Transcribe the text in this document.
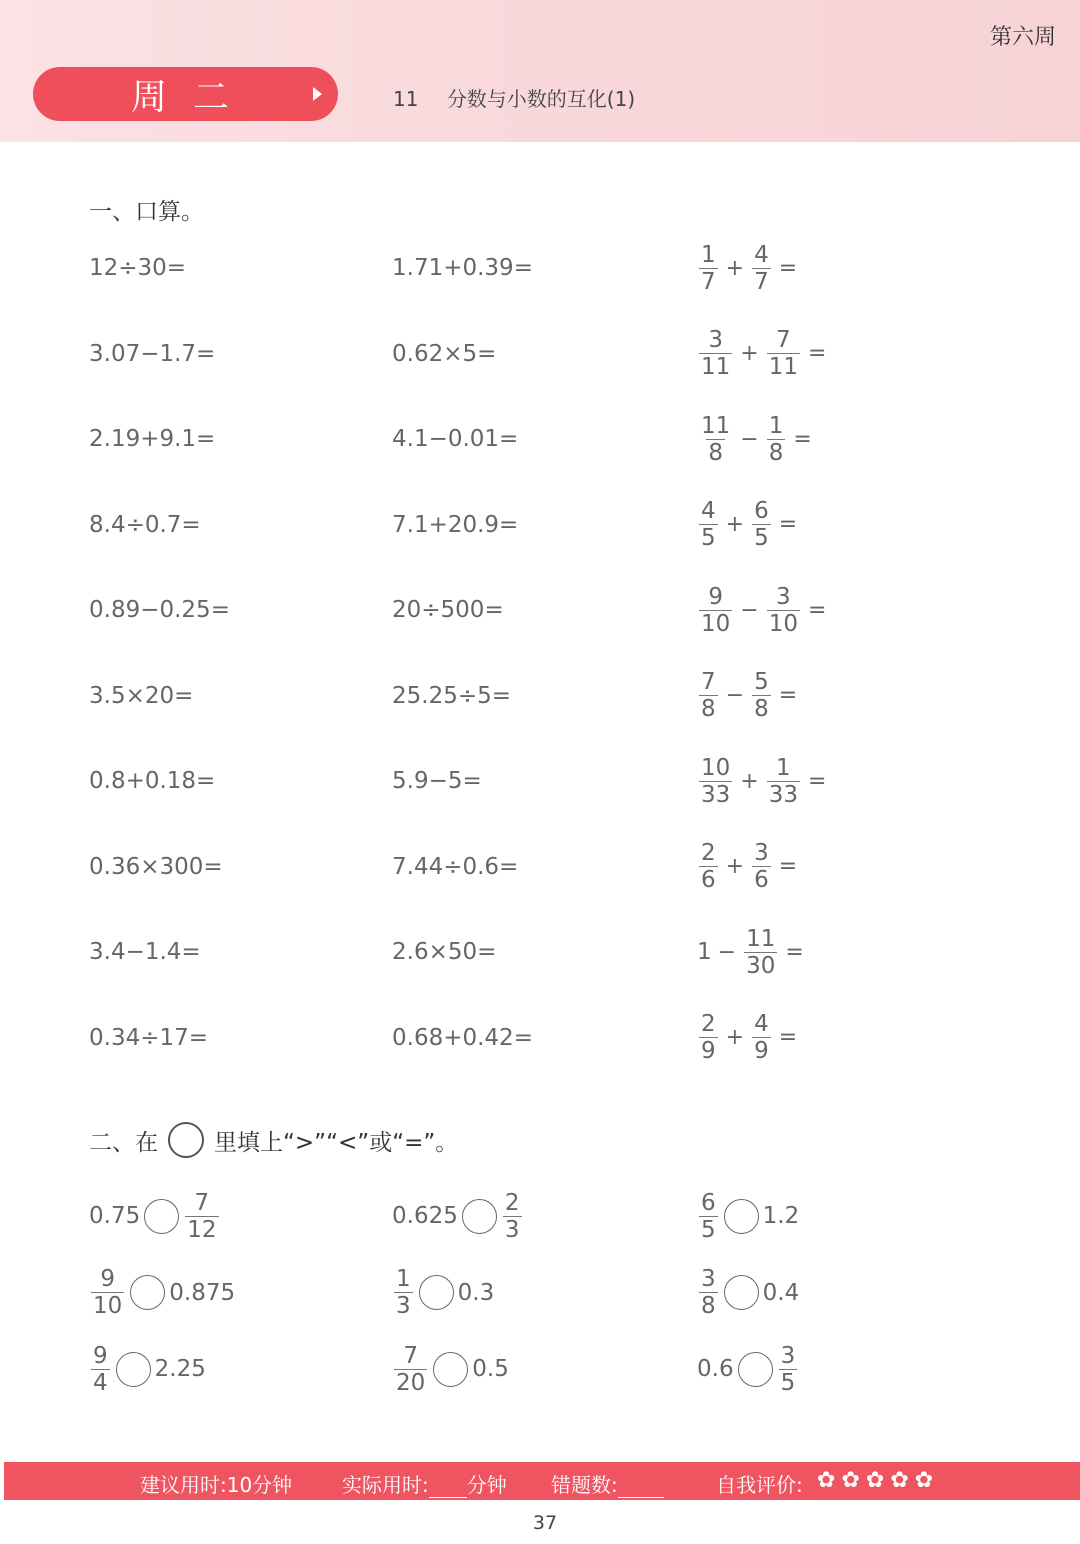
第六周
周二	11 分数与小数的互化(1)
一、口算。
12÷30=	1.71+0.39=	$\frac{1}{7} + \frac{4}{7}$ =
3.07−1.7=	0.62×5=	$\frac{3}{11} + \frac{7}{11}$ =
2.19+9.1=	4.1−0.01=	$\frac{11}{8} - \frac{1}{8}$ =
8.4÷0.7=	7.1+20.9=	$\frac{4}{5} + \frac{6}{5}$ =
0.89−0.25=	20÷500=	$\frac{9}{10} - \frac{3}{10}$ =
3.5×20=	25.25÷5=	$\frac{7}{8} - \frac{5}{8}$ =
0.8+0.18=	5.9−5=	$\frac{10}{33} + \frac{1}{33}$ =
0.36×300=	7.44÷0.6=	$\frac{2}{6} + \frac{3}{6}$ =
3.4−1.4=	2.6×50=	$1 - \frac{11}{30}$ =
0.34÷17=	0.68+0.42=	$\frac{2}{9} + \frac{4}{9}$ =
二、在 里填上“>”“<”或“=”。
$0.75 \frac{7}{12}$	$0.625 \frac{2}{3}$	$\frac{6}{5} 1.2$
$\frac{9}{10} 0.875$	$\frac{1}{3} 0.3$	$\frac{3}{8} 0.4$
$\frac{9}{4} 2.25$	$\frac{7}{20} 0.5$	$0.6 \frac{3}{5}$
建议用时:10分钟 实际用时: 分钟 错题数:	自我评价: ✿ ✿ ✿ ✿ ✿
37
